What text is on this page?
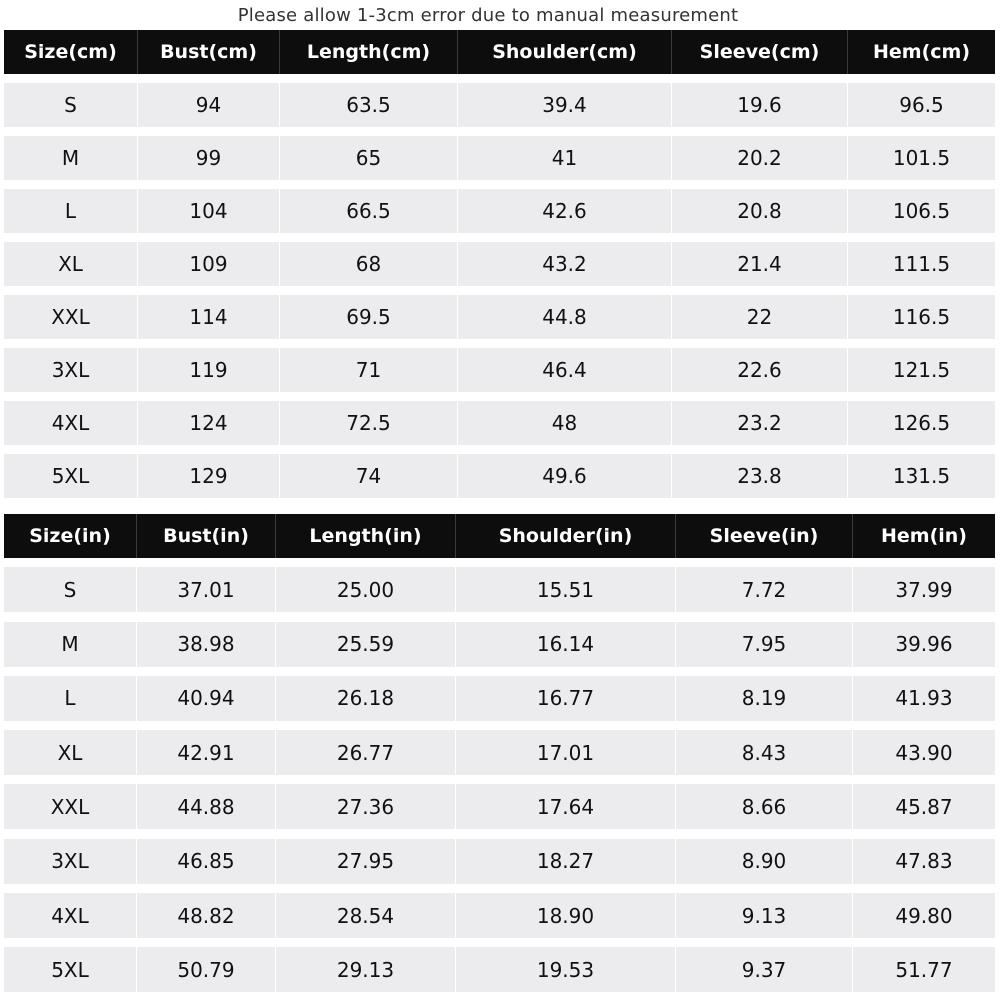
Please allow 1-3cm error due to manual measurement
Size(cm)	Bust(cm)	Length(cm)	Shoulder(cm)	Sleeve(cm)	Hem(cm)
S	94	63.5	39.4	19.6	96.5
M	99	65	41	20.2	101.5
L	104	66.5	42.6	20.8	106.5
XL	109	68	43.2	21.4	111.5
XXL	114	69.5	44.8	22	116.5
3XL	119	71	46.4	22.6	121.5
4XL	124	72.5	48	23.2	126.5
5XL	129	74	49.6	23.8	131.5
Size(in)	Bust(in)	Length(in)	Shoulder(in)	Sleeve(in)	Hem(in)
S	37.01	25.00	15.51	7.72	37.99
M	38.98	25.59	16.14	7.95	39.96
L	40.94	26.18	16.77	8.19	41.93
XL	42.91	26.77	17.01	8.43	43.90
XXL	44.88	27.36	17.64	8.66	45.87
3XL	46.85	27.95	18.27	8.90	47.83
4XL	48.82	28.54	18.90	9.13	49.80
5XL	50.79	29.13	19.53	9.37	51.77
